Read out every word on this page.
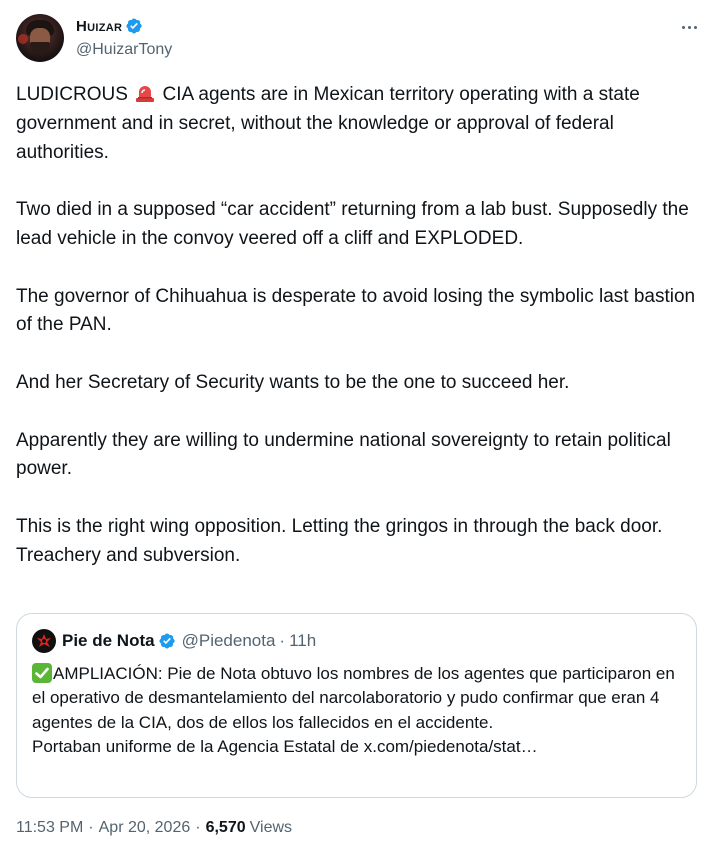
Huizar
@HuizarTony

LUDICROUS CIA agents are in Mexican territory operating with a state government and in secret, without the knowledge or approval of federal authorities.

Two died in a supposed “car accident” returning from a lab bust. Supposedly the lead vehicle in the convoy veered off a cliff and EXPLODED.

The governor of Chihuahua is desperate to avoid losing the symbolic last bastion of the PAN.

And her Secretary of Security wants to be the one to succeed her.

Apparently they are willing to undermine national sovereignty to retain political power.

This is the right wing opposition. Letting the gringos in through the back door. Treachery and subversion.

Pie de Nota @Piedenota · 11h

AMPLIACIÓN: Pie de Nota obtuvo los nombres de los agentes que participaron en el operativo de desmantelamiento del narcolaboratorio y pudo confirmar que eran 4 agentes de la CIA, dos de ellos los fallecidos en el accidente.

Portaban uniforme de la Agencia Estatal de x.com/piedenota/stat…

11:53 PM · Apr 20, 2026 · 6,570 Views
